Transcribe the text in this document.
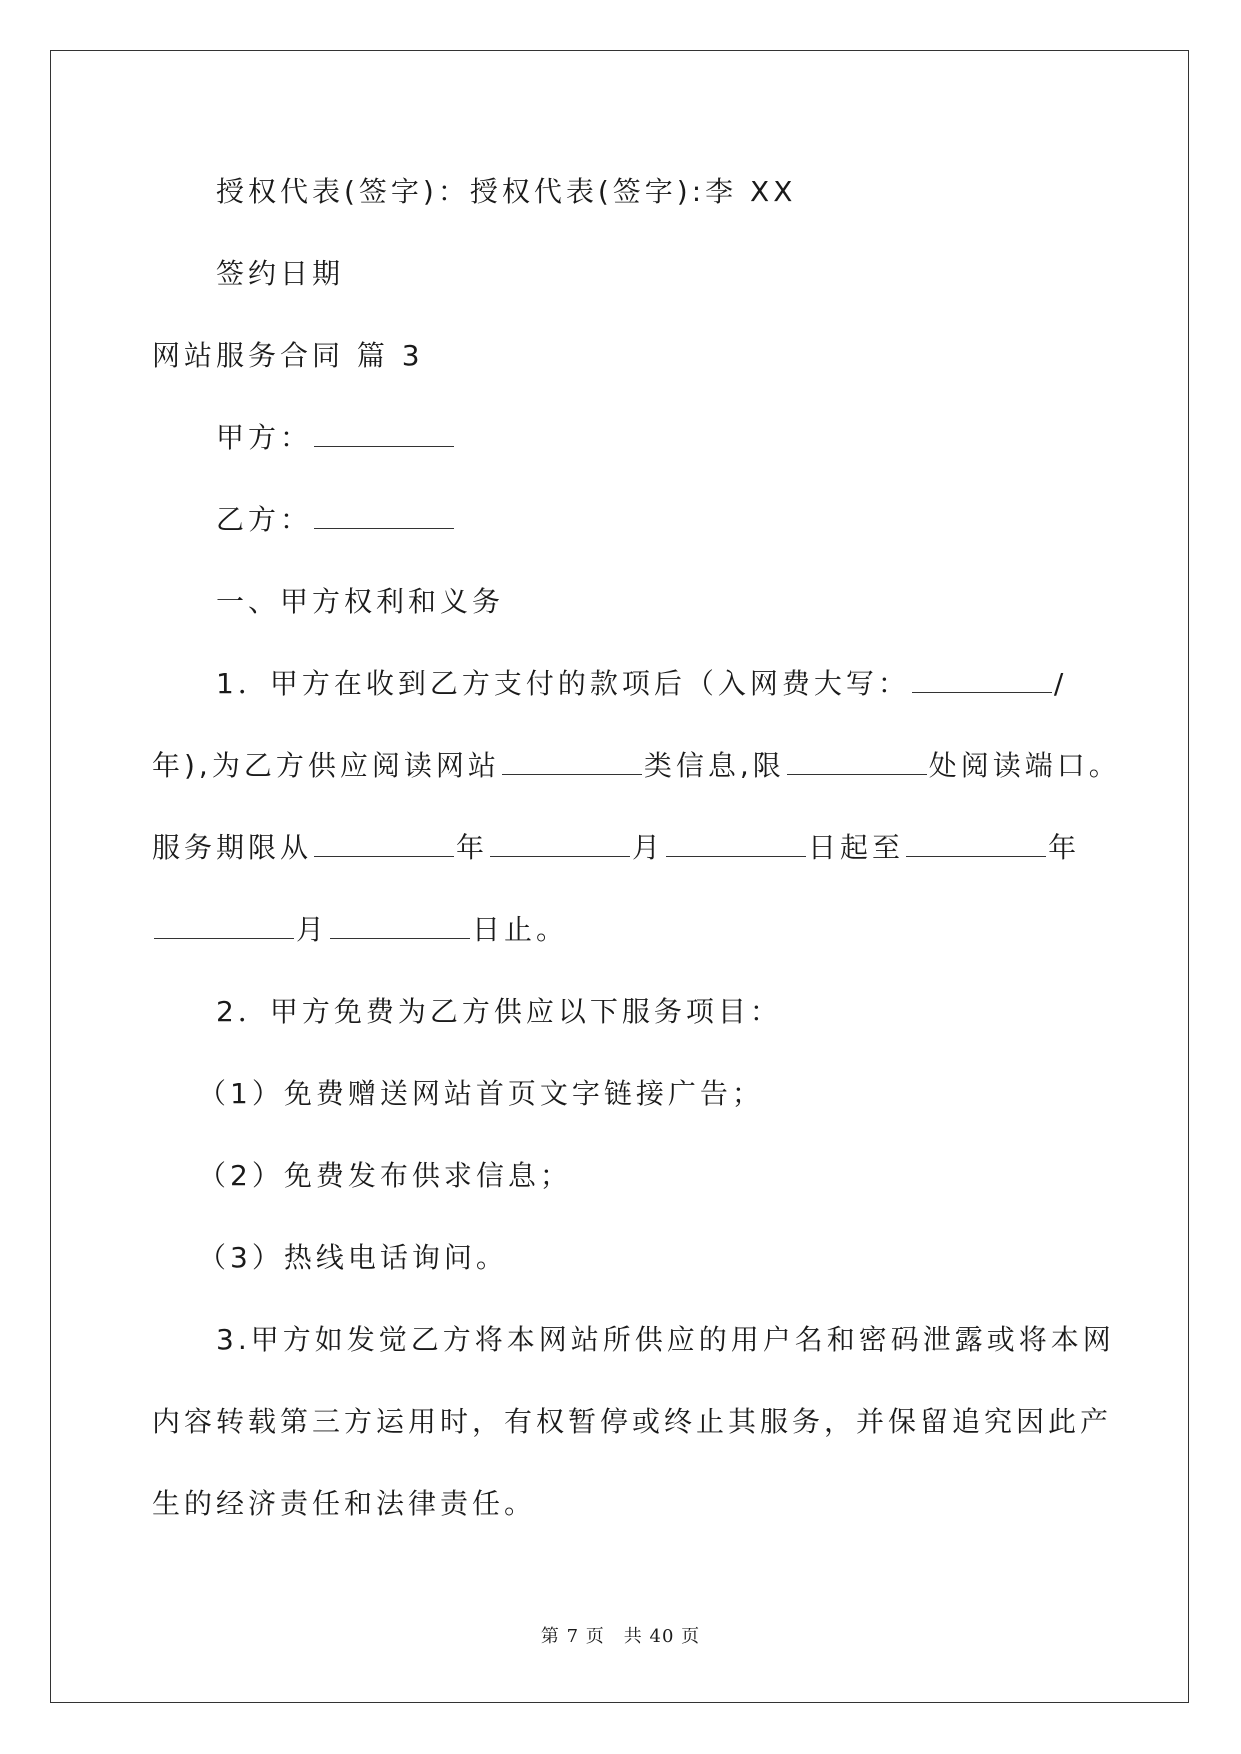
授权代表(签字)：授权代表(签字):李 XX
签约日期
网站服务合同 篇 3
甲方：
乙方：
一、甲方权利和义务
1．甲方在收到乙方支付的款项后（入网费大写：	/
年),为乙方供应阅读网站	类信息,限	处阅读端口。
服务期限从	年	月	日起至	年
月	日止。
2．甲方免费为乙方供应以下服务项目：
（1）免费赠送网站首页文字链接广告；
（2）免费发布供求信息；
（3）热线电话询问。
3.甲方如发觉乙方将本网站所供应的用户名和密码泄露或将本网
内容转载第三方运用时，有权暂停或终止其服务，并保留追究因此产
生的经济责任和法律责任。
第 7 页　共 40 页
